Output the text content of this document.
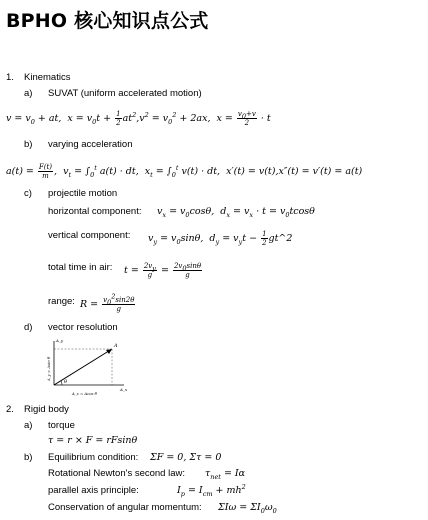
BPHO 核心知识点公式
1. Kinematics
a) SUVAT (uniform accelerated motion)
$v = v_0$ + at,  $x = v_0t + \frac{1}{2} at^2,v^2 = v_0^2 + 2ax$,  $x = \frac{v_0+v}{2} \cdot t$
b) varying acceleration
$a(t) = \frac{F(t)}{m}$ ,  $v_t = \int_0^t$ a(t) · dt,  $x_t = \int_0^t$ v(t) · dt,  x′(t) = v(t),x″(t) = v′(t) = a(t)
c) projectile motion
horizontal component: $v_x = v_0\cos\theta$,  $d_x = v_x \cdot t = v_0tcos\theta$
vertical component: $v_y = v_0\sin\theta$,  $d_y = v_yt - \frac{1}{2}$ gt^2
total time in air: $t = \frac{2v_y}{g} = \frac{2v_0\sin\theta}{g}$
range: $R = \frac{v_0^2\sin 2\theta}{g}$
d) vector resolution
θ
A
A_y
A_x
A_y = Asin θ
A_x = Acos θ
2. Rigid body
a) torque
τ = r × F = rFsinθ
b) Equilibrium condition: ΣF = 0, Στ = 0
Rotational Newton's second law: $\tau_{net} = I\alpha$
parallel axis principle:	$I_p = I_{cm} + mh^2$
Conservation of angular momentum: $\Sigma I\omega = \Sigma I_0\omega_0$
